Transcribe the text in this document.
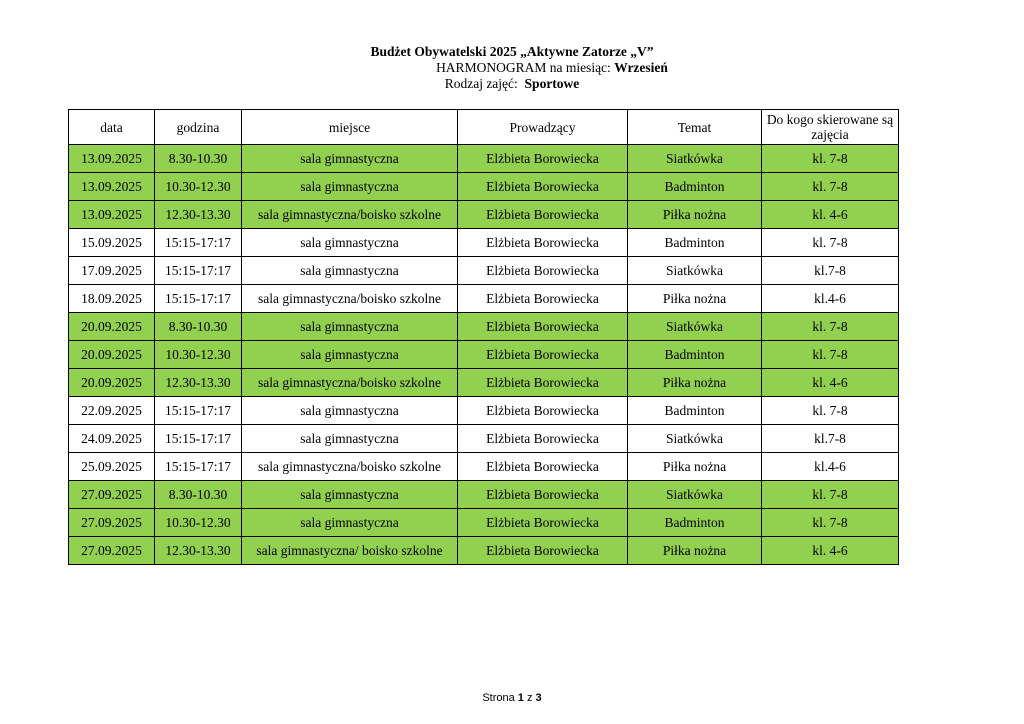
Budżet Obywatelski 2025 „Aktywne Zatorze „V”
HARMONOGRAM na miesiąc: Wrzesień
Rodzaj zajęć:  Sportowe
data	godzina	miejsce	Prowadzący	Temat	Do kogo skierowane są zajęcia
13.09.2025	8.30-10.30	sala gimnastyczna	Elżbieta Borowiecka	Siatkówka	kl. 7-8
13.09.2025	10.30-12.30	sala gimnastyczna	Elżbieta Borowiecka	Badminton	kl. 7-8
13.09.2025	12.30-13.30	sala gimnastyczna/boisko szkolne	Elżbieta Borowiecka	Piłka nożna	kl. 4-6
15.09.2025	15:15-17:17	sala gimnastyczna	Elżbieta Borowiecka	Badminton	kl. 7-8
17.09.2025	15:15-17:17	sala gimnastyczna	Elżbieta Borowiecka	Siatkówka	kl.7-8
18.09.2025	15:15-17:17	sala gimnastyczna/boisko szkolne	Elżbieta Borowiecka	Piłka nożna	kl.4-6
20.09.2025	8.30-10.30	sala gimnastyczna	Elżbieta Borowiecka	Siatkówka	kl. 7-8
20.09.2025	10.30-12.30	sala gimnastyczna	Elżbieta Borowiecka	Badminton	kl. 7-8
20.09.2025	12.30-13.30	sala gimnastyczna/boisko szkolne	Elżbieta Borowiecka	Piłka nożna	kl. 4-6
22.09.2025	15:15-17:17	sala gimnastyczna	Elżbieta Borowiecka	Badminton	kl. 7-8
24.09.2025	15:15-17:17	sala gimnastyczna	Elżbieta Borowiecka	Siatkówka	kl.7-8
25.09.2025	15:15-17:17	sala gimnastyczna/boisko szkolne	Elżbieta Borowiecka	Piłka nożna	kl.4-6
27.09.2025	8.30-10.30	sala gimnastyczna	Elżbieta Borowiecka	Siatkówka	kl. 7-8
27.09.2025	10.30-12.30	sala gimnastyczna	Elżbieta Borowiecka	Badminton	kl. 7-8
27.09.2025	12.30-13.30	sala gimnastyczna/ boisko szkolne	Elżbieta Borowiecka	Piłka nożna	kl. 4-6
Strona 1 z 3
